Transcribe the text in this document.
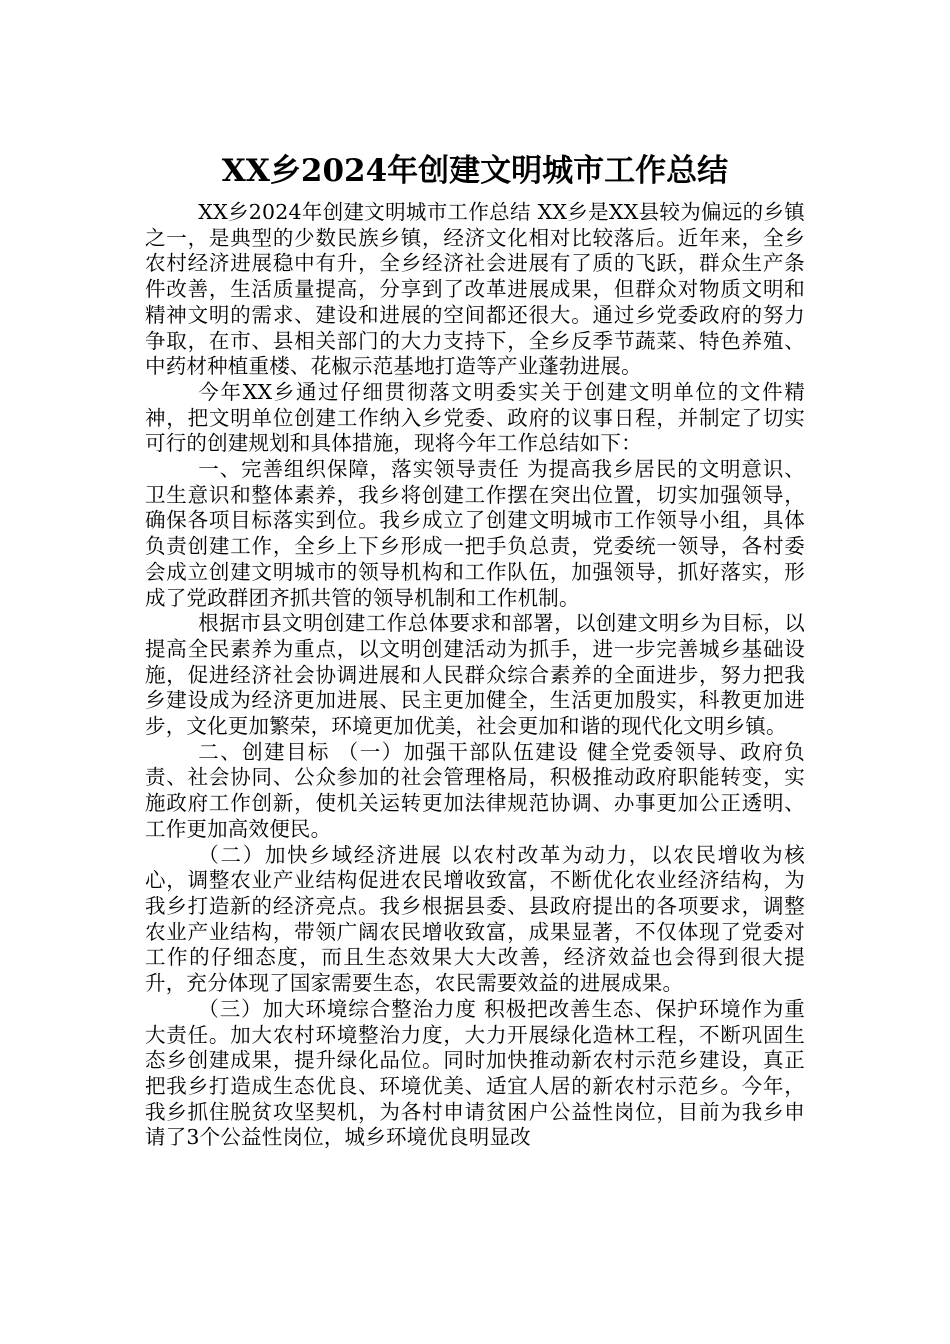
XX乡2024年创建文明城市工作总结

XX乡2024年创建文明城市工作总结 XX乡是XX县较为偏远的乡镇之一，是典型的少数民族乡镇，经济文化相对比较落后。近年来，全乡农村经济进展稳中有升，全乡经济社会进展有了质的飞跃，群众生产条件改善，生活质量提高，分享到了改革进展成果，但群众对物质文明和精神文明的需求、建设和进展的空间都还很大。通过乡党委政府的努力争取，在市、县相关部门的大力支持下，全乡反季节蔬菜、特色养殖、中药材种植重楼、花椒示范基地打造等产业蓬勃进展。

今年XX乡通过仔细贯彻落文明委实关于创建文明单位的文件精神，把文明单位创建工作纳入乡党委、政府的议事日程，并制定了切实可行的创建规划和具体措施，现将今年工作总结如下：

一、完善组织保障，落实领导责任 为提高我乡居民的文明意识、卫生意识和整体素养，我乡将创建工作摆在突出位置，切实加强领导，确保各项目标落实到位。我乡成立了创建文明城市工作领导小组，具体负责创建工作，全乡上下乡形成一把手负总责，党委统一领导，各村委会成立创建文明城市的领导机构和工作队伍，加强领导，抓好落实，形成了党政群团齐抓共管的领导机制和工作机制。

根据市县文明创建工作总体要求和部署，以创建文明乡为目标，以提高全民素养为重点，以文明创建活动为抓手，进一步完善城乡基础设施，促进经济社会协调进展和人民群众综合素养的全面进步，努力把我乡建设成为经济更加进展、民主更加健全，生活更加殷实，科教更加进步，文化更加繁荣，环境更加优美，社会更加和谐的现代化文明乡镇。

二、创建目标 （一）加强干部队伍建设 健全党委领导、政府负责、社会协同、公众参加的社会管理格局，积极推动政府职能转变，实施政府工作创新，使机关运转更加法律规范协调、办事更加公正透明、工作更加高效便民。

（二）加快乡域经济进展 以农村改革为动力，以农民增收为核心，调整农业产业结构促进农民增收致富，不断优化农业经济结构，为我乡打造新的经济亮点。我乡根据县委、县政府提出的各项要求，调整农业产业结构，带领广阔农民增收致富，成果显著，不仅体现了党委对工作的仔细态度，而且生态效果大大改善，经济效益也会得到很大提升，充分体现了国家需要生态，农民需要效益的进展成果。

（三）加大环境综合整治力度 积极把改善生态、保护环境作为重大责任。加大农村环境整治力度，大力开展绿化造林工程，不断巩固生态乡创建成果，提升绿化品位。同时加快推动新农村示范乡建设，真正把我乡打造成生态优良、环境优美、适宜人居的新农村示范乡。今年，我乡抓住脱贫攻坚契机，为各村申请贫困户公益性岗位，目前为我乡申请了3个公益性岗位，城乡环境优良明显改
